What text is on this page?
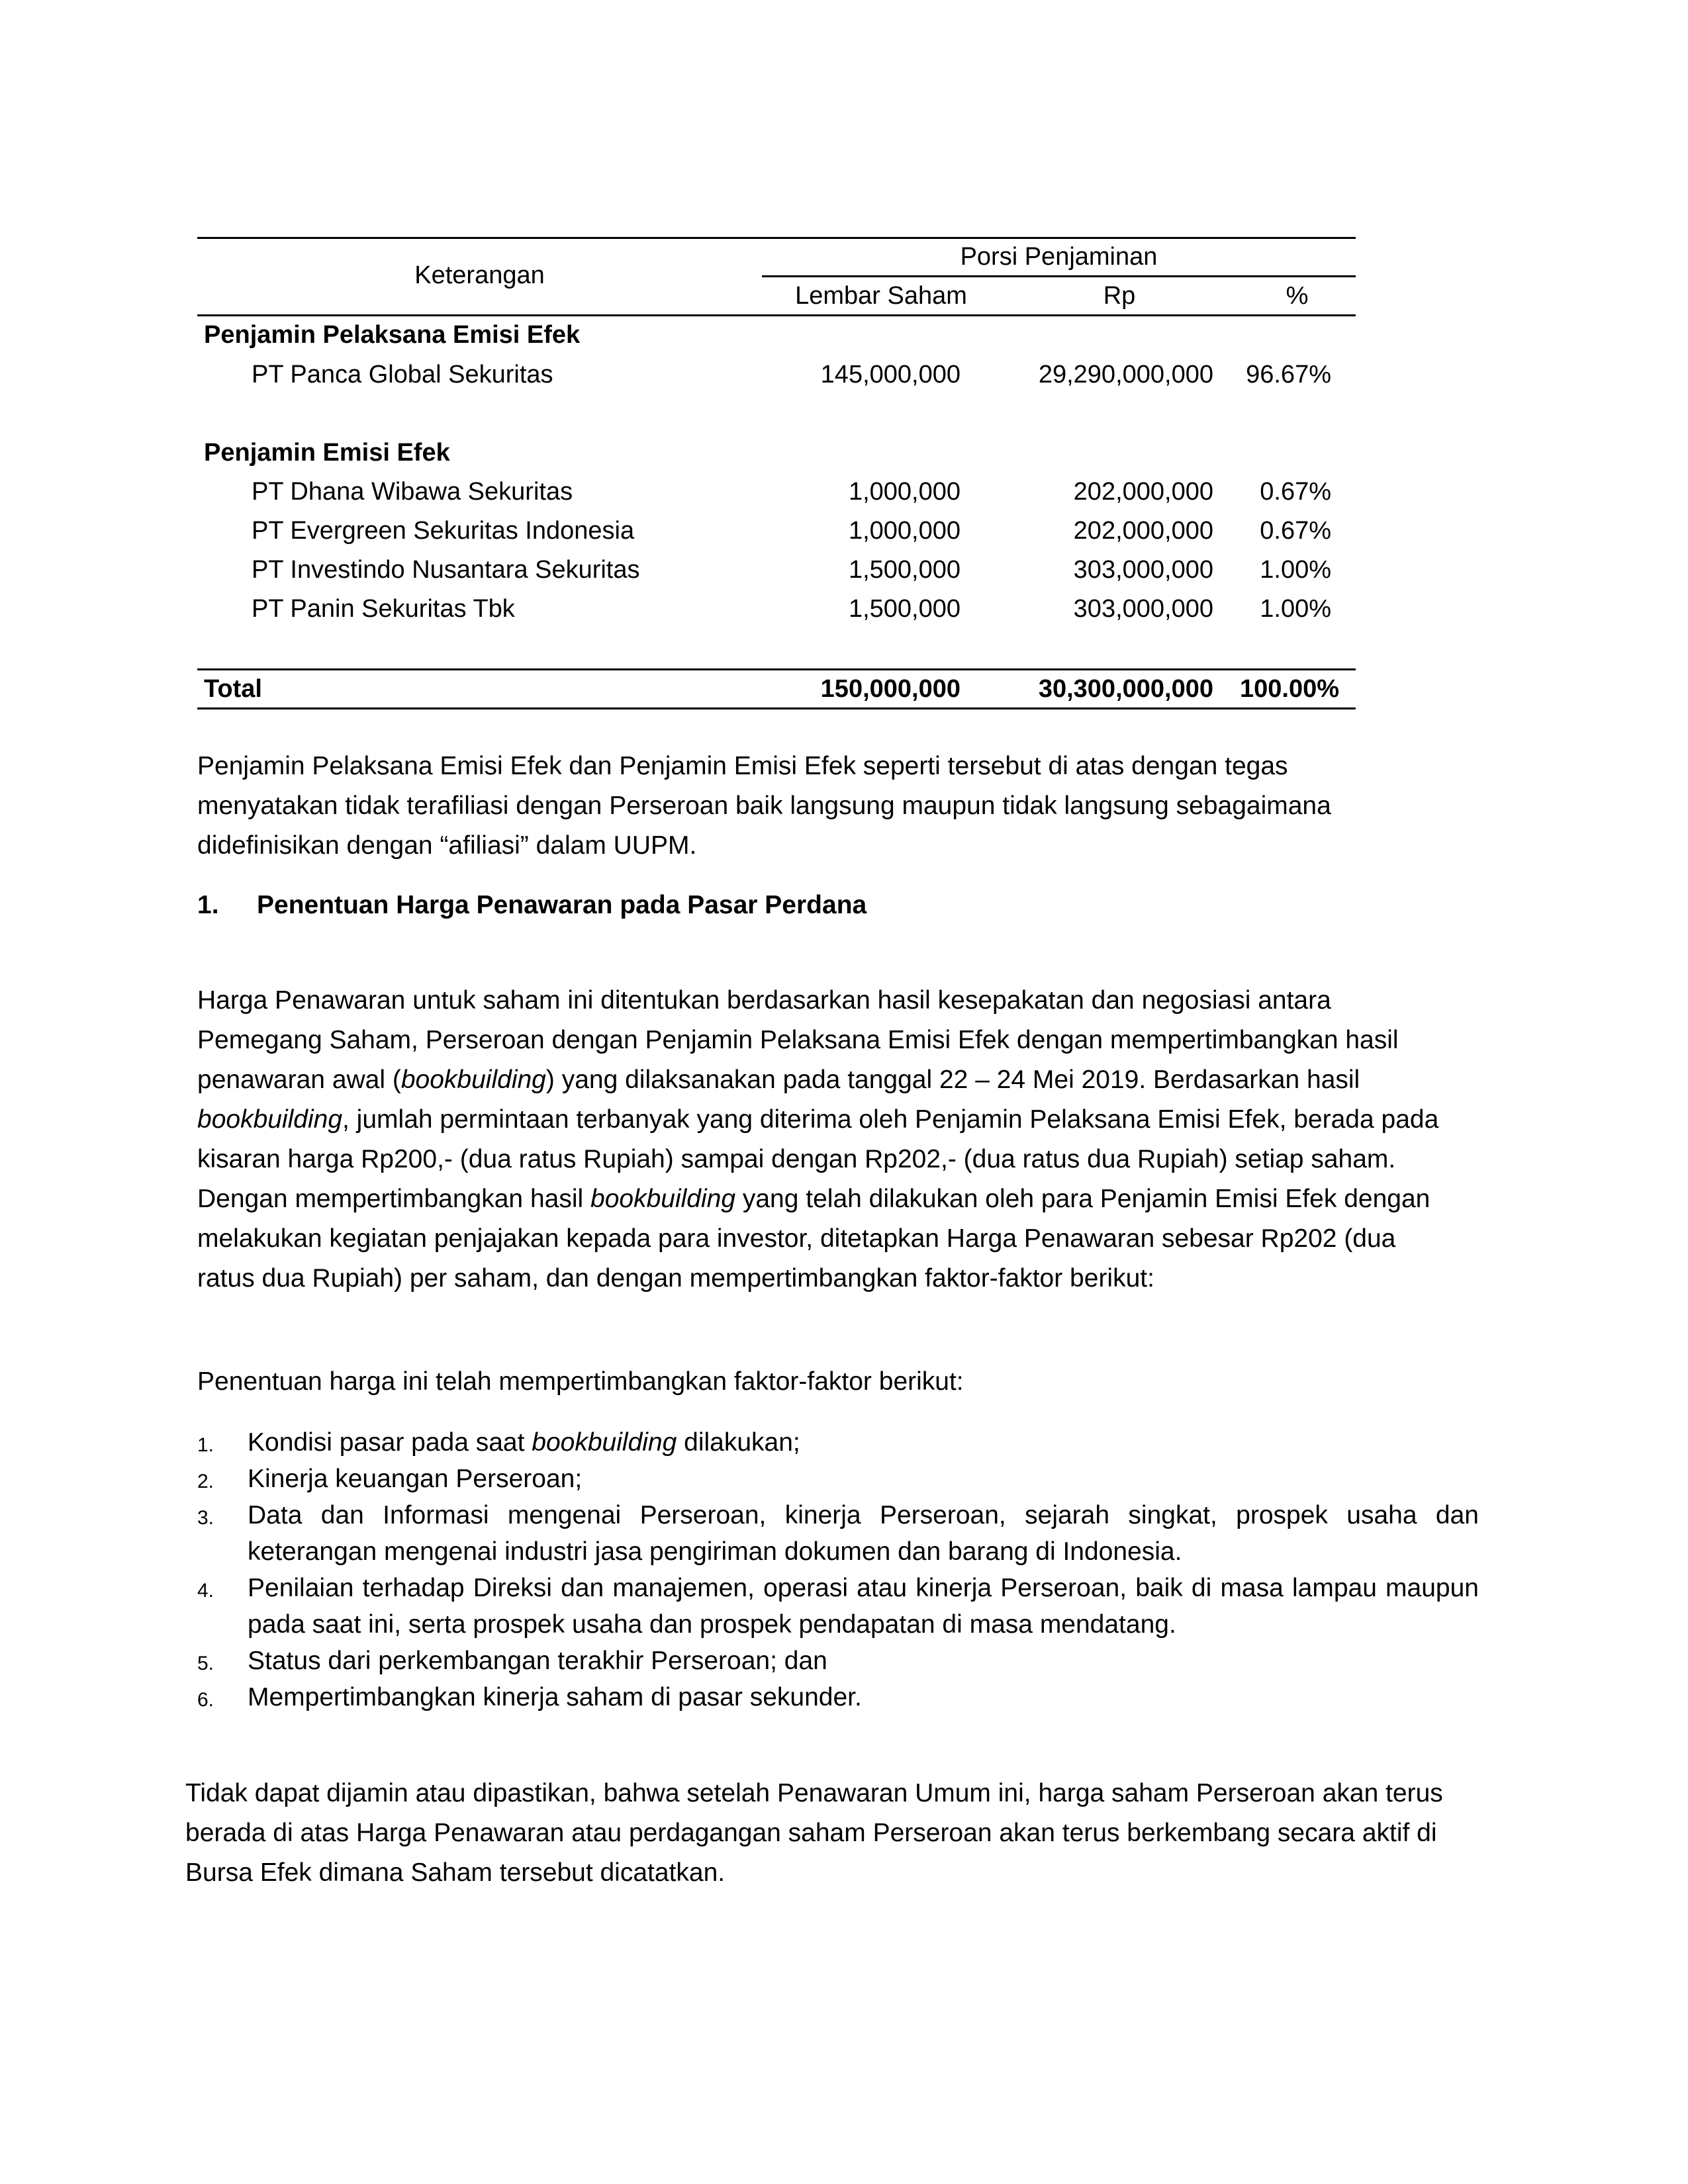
Keterangan
Porsi Penjaminan
Lembar Saham	Rp	%
Penjamin Pelaksana Emisi Efek
PT Panca Global Sekuritas	145,000,000	29,290,000,000 96.67%
Penjamin Emisi Efek
PT Dhana Wibawa Sekuritas	1,000,000	202,000,000	0.67%
PT Evergreen Sekuritas Indonesia	1,000,000	202,000,000	0.67%
PT Investindo Nusantara Sekuritas	1,500,000	303,000,000	1.00%
PT Panin Sekuritas Tbk	1,500,000	303,000,000	1.00%
Total	150,000,000	30,300,000,000 100.00%

Penjamin Pelaksana Emisi Efek dan Penjamin Emisi Efek seperti tersebut di atas dengan tegas menyatakan tidak terafiliasi dengan Perseroan baik langsung maupun tidak langsung sebagaimana didefinisikan dengan “afiliasi” dalam UUPM.

1. Penentuan Harga Penawaran pada Pasar Perdana

Harga Penawaran untuk saham ini ditentukan berdasarkan hasil kesepakatan dan negosiasi antara Pemegang Saham, Perseroan dengan Penjamin Pelaksana Emisi Efek dengan mempertimbangkan hasil penawaran awal (bookbuilding) yang dilaksanakan pada tanggal 22 – 24 Mei 2019. Berdasarkan hasil bookbuilding, jumlah permintaan terbanyak yang diterima oleh Penjamin Pelaksana Emisi Efek, berada pada kisaran harga Rp200,- (dua ratus Rupiah) sampai dengan Rp202,- (dua ratus dua Rupiah) setiap saham. Dengan mempertimbangkan hasil bookbuilding yang telah dilakukan oleh para Penjamin Emisi Efek dengan melakukan kegiatan penjajakan kepada para investor, ditetapkan Harga Penawaran sebesar Rp202 (dua ratus dua Rupiah) per saham, dan dengan mempertimbangkan faktor-faktor berikut:

Penentuan harga ini telah mempertimbangkan faktor-faktor berikut:

1. Kondisi pasar pada saat bookbuilding dilakukan;
2. Kinerja keuangan Perseroan;
3. Data dan Informasi mengenai Perseroan, kinerja Perseroan, sejarah singkat, prospek usaha dan keterangan mengenai industri jasa pengiriman dokumen dan barang di Indonesia.
4. Penilaian terhadap Direksi dan manajemen, operasi atau kinerja Perseroan, baik di masa lampau maupun pada saat ini, serta prospek usaha dan prospek pendapatan di masa mendatang.
5. Status dari perkembangan terakhir Perseroan; dan
6. Mempertimbangkan kinerja saham di pasar sekunder.

Tidak dapat dijamin atau dipastikan, bahwa setelah Penawaran Umum ini, harga saham Perseroan akan terus berada di atas Harga Penawaran atau perdagangan saham Perseroan akan terus berkembang secara aktif di Bursa Efek dimana Saham tersebut dicatatkan.
